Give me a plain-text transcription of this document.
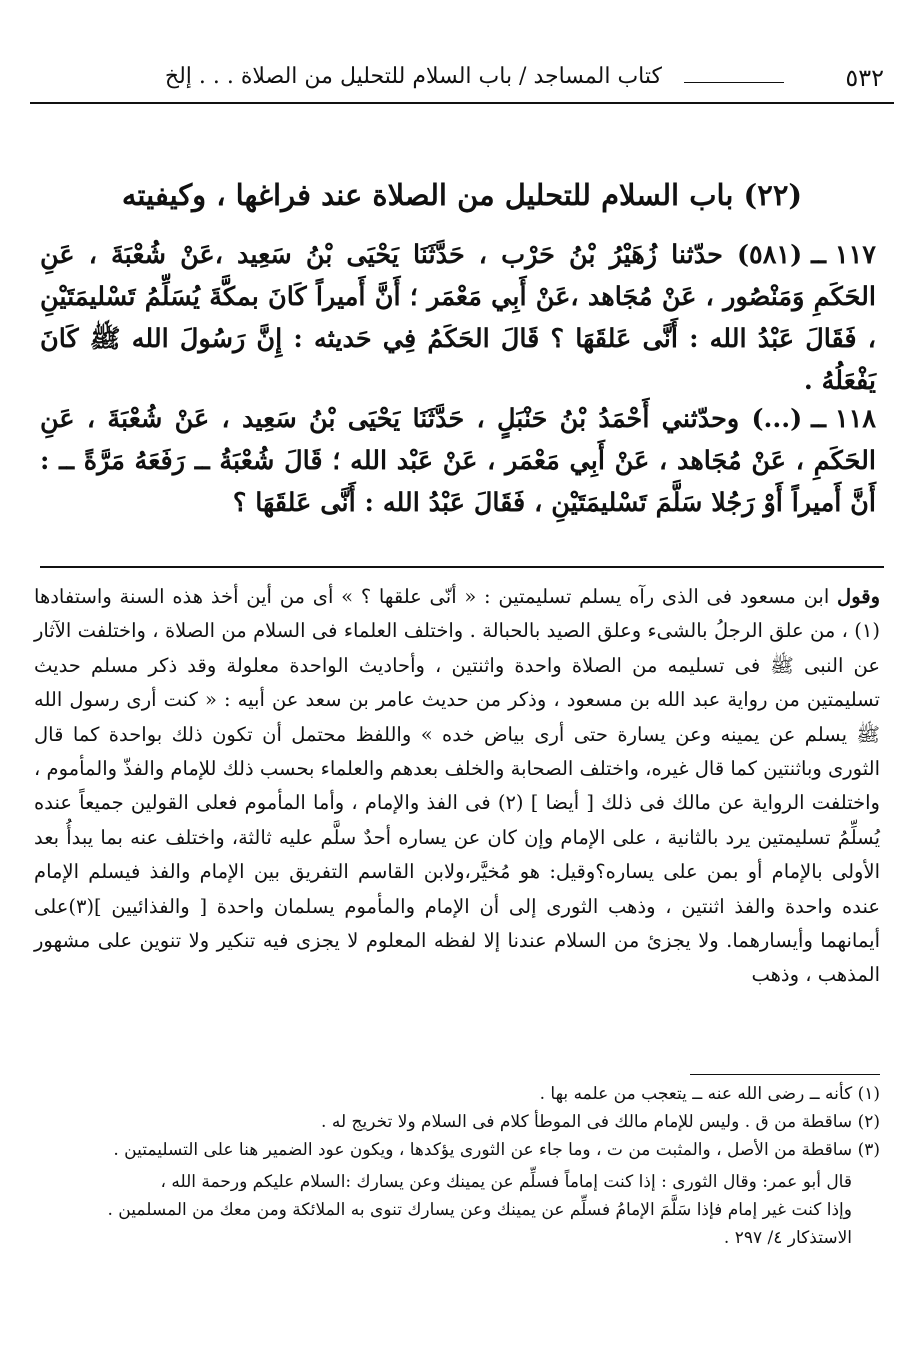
٥٣٢
كتاب المساجد / باب السلام للتحليل من الصلاة . . . إلخ
(٢٢) باب السلام للتحليل من الصلاة عند فراغها ، وكيفيته
١١٧ ــ (٥٨١) حدّثنا زُهَيْرُ بْنُ حَرْب ، حَدَّثَنَا يَحْيَى بْنُ سَعِيد ،عَنْ شُعْبَةَ ، عَنِ الحَكَمِ وَمَنْصُور ، عَنْ مُجَاهد ،عَنْ أَبِي مَعْمَر ؛ أَنَّ أَميراً كَانَ بمكَّةَ يُسَلِّمُ تَسْليمَتَيْنِ ، فَقَالَ عَبْدُ الله : أَنَّى عَلقَهَا ؟ قَالَ الحَكَمُ فِي حَديثه : إِنَّ رَسُولَ الله ﷺ كَانَ يَفْعَلُهُ .
١١٨ ــ (...) وحدّثني أَحْمَدُ بْنُ حَنْبَلٍ ، حَدَّثَنَا يَحْيَى بْنُ سَعِيد ، عَنْ شُعْبَةَ ، عَنِ الحَكَمِ ، عَنْ مُجَاهد ، عَنْ أَبِي مَعْمَر ، عَنْ عَبْد الله ؛ قَالَ شُعْبَةُ ــ رَفَعَهُ مَرَّةً ــ : أَنَّ أَميراً أَوْ رَجُلا سَلَّمَ تَسْليمَتَيْنِ ، فَقَالَ عَبْدُ الله : أَنَّى عَلقَهَا ؟
وقول ابن مسعود فى الذى رآه يسلم تسليمتين : « أنّى علقها ؟ » أى من أين أخذ هذه السنة واستفادها (١) ، من علق الرجلُ بالشىء وعلق الصيد بالحبالة . واختلف العلماء فى السلام من الصلاة ، واختلفت الآثار عن النبى ﷺ فى تسليمه من الصلاة واحدة واثنتين ، وأحاديث الواحدة معلولة وقد ذكر مسلم حديث تسليمتين من رواية عبد الله بن مسعود ، وذكر من حديث عامر بن سعد عن أبيه : « كنت أرى رسول الله ﷺ يسلم عن يمينه وعن يسارة حتى أرى بياض خده » واللفظ محتمل أن تكون ذلك بواحدة كما قال الثورى وباثنتين كما قال غيره، واختلف الصحابة والخلف بعدهم والعلماء بحسب ذلك للإمام والفذّ والمأموم ، واختلفت الرواية عن مالك فى ذلك [ أيضا ] (٢) فى الفذ والإمام ، وأما المأموم فعلى القولين جميعاً عنده يُسلِّمُ تسليمتين يرد بالثانية ، على الإمام وإن كان عن يساره أحدٌ سلَّم عليه ثالثة، واختلف عنه بما يبدأُ بعد الأولى بالإمام أو بمن على يساره؟وقيل: هو مُخيَّر،ولابن القاسم التفريق بين الإمام والفذ فيسلم الإمام عنده واحدة والفذ اثنتين ، وذهب الثورى إلى أن الإمام والمأموم يسلمان واحدة [ والفذائيين ](٣)على أيمانهما وأيسارهما. ولا يجزئ من السلام عندنا إلا لفظه المعلوم لا يجزى فيه تنكير ولا تنوين على مشهور المذهب ، وذهب

(١) كأنه ــ رضى الله عنه ــ يتعجب من علمه بها .

(٢) ساقطة من ق . وليس للإمام مالك فى الموطأ كلام فى السلام ولا تخريج له .

(٣) ساقطة من الأصل ، والمثبت من ت ، وما جاء عن الثورى يؤكدها ، ويكون عود الضمير هنا على التسليمتين .

قال أبو عمر: وقال الثورى : إذا كنت إماماً فسلِّم عن يمينك وعن يسارك :السلام عليكم ورحمة الله ،
وإذا كنت غير إمام فإذا سَلَّمَ الإمامُ فسلِّم عن يمينك وعن يسارك تنوى به الملائكة ومن معك من المسلمين .
الاستذكار ٤/ ٢٩٧ .
